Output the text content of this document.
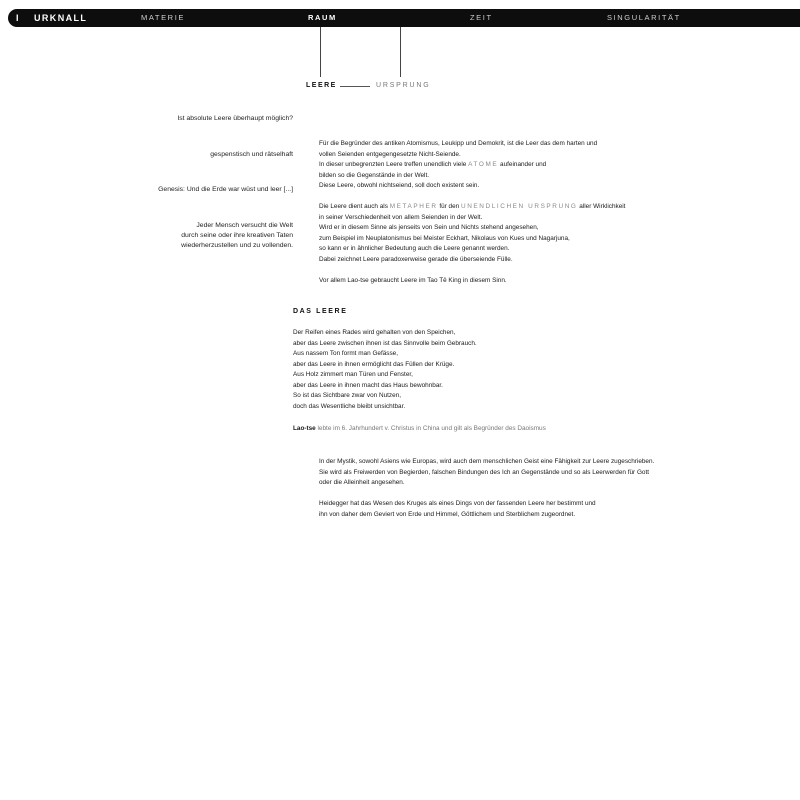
I URKNALL	MATERIE	RAUM	ZEIT	SINGULARITÄT
LEERE	URSPRUNG
Ist absolute Leere überhaupt möglich?
gespenstisch und rätselhaft
Genesis: Und die Erde war wüst und leer [...]
Jeder Mensch versucht die Welt
durch seine oder ihre kreativen Taten
wiederherzustellen und zu vollenden.

Für die Begründer des antiken Atomismus, Leukipp und Demokrit, ist die Leer das dem harten und

vollen Seienden entgegengesetzte Nicht-Seiende.

In dieser unbegrenzten Leere treffen unendlich viele ATOME aufeinander und

bilden so die Gegenstände in der Welt.

Diese Leere, obwohl nichtseiend, soll doch existent sein.

Die Leere dient auch als METAPHER für den UNENDLICHEN URSPRUNG aller Wirklichkeit

in seiner Verschiedenheit von allem Seienden in der Welt.

Wird er in diesem Sinne als jenseits von Sein und Nichts stehend angesehen,

zum Beispiel im Neuplatonismus bei Meister Eckhart, Nikolaus von Kues und Nagarjuna,

so kann er in ähnlicher Bedeutung auch die Leere genannt werden.

Dabei zeichnet Leere paradoxerweise gerade die überseiende Fülle.

Vor allem Lao-tse gebraucht Leere im Tao Tê King in diesem Sinn.

DAS LEERE

Der Reifen eines Rades wird gehalten von den Speichen,

aber das Leere zwischen ihnen ist das Sinnvolle beim Gebrauch.

Aus nassem Ton formt man Gefässe,

aber das Leere in ihnen ermöglicht das Füllen der Krüge.

Aus Holz zimmert man Türen und Fenster,

aber das Leere in ihnen macht das Haus bewohnbar.

So ist das Sichtbare zwar von Nutzen,

doch das Wesentliche bleibt unsichtbar.

Lao-tse lebte im 6. Jahrhundert v. Christus in China und gilt als Begründer des Daoismus

In der Mystik, sowohl Asiens wie Europas, wird auch dem menschlichen Geist eine Fähigkeit zur Leere zugeschrieben.

Sie wird als Freiwerden von Begierden, falschen Bindungen des Ich an Gegenstände und so als Leerwerden für Gott

oder die Alleinheit angesehen.

Heidegger hat das Wesen des Kruges als eines Dings von der fassenden Leere her bestimmt und

ihn von daher dem Geviert von Erde und Himmel, Göttlichem und Sterblichem zugeordnet.
